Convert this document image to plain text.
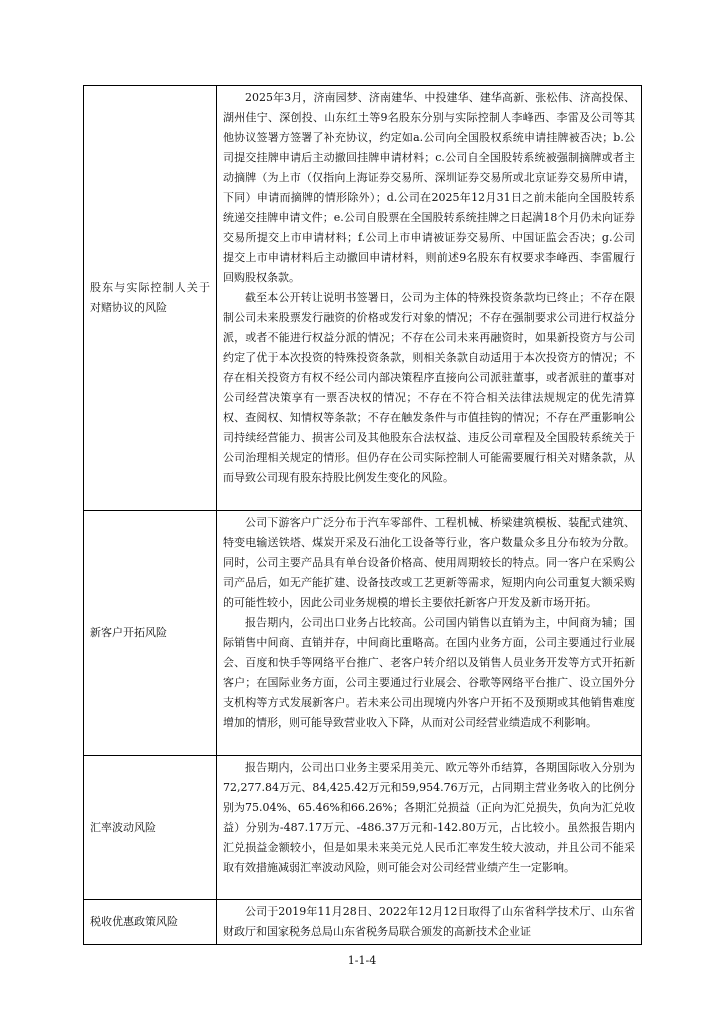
股东与实际控制人关于对赌协议的风险

2025年3月，济南园梦、济南建华、中投建华、建华高新、张松伟、济高投保、湖州佳宁、深创投、山东红土等9名股东分别与实际控制人李峰西、李雷及公司等其他协议签署方签署了补充协议，约定如a.公司向全国股权系统申请挂牌被否决；b.公司提交挂牌申请后主动撤回挂牌申请材料；c.公司自全国股转系统被强制摘牌或者主动摘牌（为上市（仅指向上海证券交易所、深圳证券交易所或北京证券交易所申请，下同）申请而摘牌的情形除外）；d.公司在2025年12月31日之前未能向全国股转系统递交挂牌申请文件；e.公司自股票在全国股转系统挂牌之日起满18个月仍未向证券交易所提交上市申请材料；f.公司上市申请被证券交易所、中国证监会否决；g.公司提交上市申请材料后主动撤回申请材料，则前述9名股东有权要求李峰西、李雷履行回购股权条款。

截至本公开转让说明书签署日，公司为主体的特殊投资条款均已终止；不存在限制公司未来股票发行融资的价格或发行对象的情况；不存在强制要求公司进行权益分派，或者不能进行权益分派的情况；不存在公司未来再融资时，如果新投资方与公司约定了优于本次投资的特殊投资条款，则相关条款自动适用于本次投资方的情况；不存在相关投资方有权不经公司内部决策程序直接向公司派驻董事，或者派驻的董事对公司经营决策享有一票否决权的情况；不存在不符合相关法律法规规定的优先清算权、查阅权、知情权等条款；不存在触发条件与市值挂钩的情况；不存在严重影响公司持续经营能力、损害公司及其他股东合法权益、违反公司章程及全国股转系统关于公司治理相关规定的情形。但仍存在公司实际控制人可能需要履行相关对赌条款，从而导致公司现有股东持股比例发生变化的风险。

新客户开拓风险

公司下游客户广泛分布于汽车零部件、工程机械、桥梁建筑模板、装配式建筑、特变电输送铁塔、煤炭开采及石油化工设备等行业，客户数量众多且分布较为分散。同时，公司主要产品具有单台设备价格高、使用周期较长的特点。同一客户在采购公司产品后，如无产能扩建、设备技改或工艺更新等需求，短期内向公司重复大额采购的可能性较小，因此公司业务规模的增长主要依托新客户开发及新市场开拓。

报告期内，公司出口业务占比较高。公司国内销售以直销为主，中间商为辅；国际销售中间商、直销并存，中间商比重略高。在国内业务方面，公司主要通过行业展会、百度和快手等网络平台推广、老客户转介绍以及销售人员业务开发等方式开拓新客户；在国际业务方面，公司主要通过行业展会、谷歌等网络平台推广、设立国外分支机构等方式发展新客户。若未来公司出现境内外客户开拓不及预期或其他销售难度增加的情形，则可能导致营业收入下降，从而对公司经营业绩造成不利影响。

汇率波动风险

报告期内，公司出口业务主要采用美元、欧元等外币结算，各期国际收入分别为72,277.84万元、84,425.42万元和59,954.76万元，占同期主营业务收入的比例分别为75.04%、65.46%和66.26%；各期汇兑损益（正向为汇兑损失，负向为汇兑收益）分别为-487.17万元、-486.37万元和-142.80万元，占比较小。虽然报告期内汇兑损益金额较小，但是如果未来美元兑人民币汇率发生较大波动，并且公司不能采取有效措施减弱汇率波动风险，则可能会对公司经营业绩产生一定影响。

税收优惠政策风险

公司于2019年11月28日、2022年12月12日取得了山东省科学技术厅、山东省财政厅和国家税务总局山东省税务局联合颁发的高新技术企业证

1-1-4
